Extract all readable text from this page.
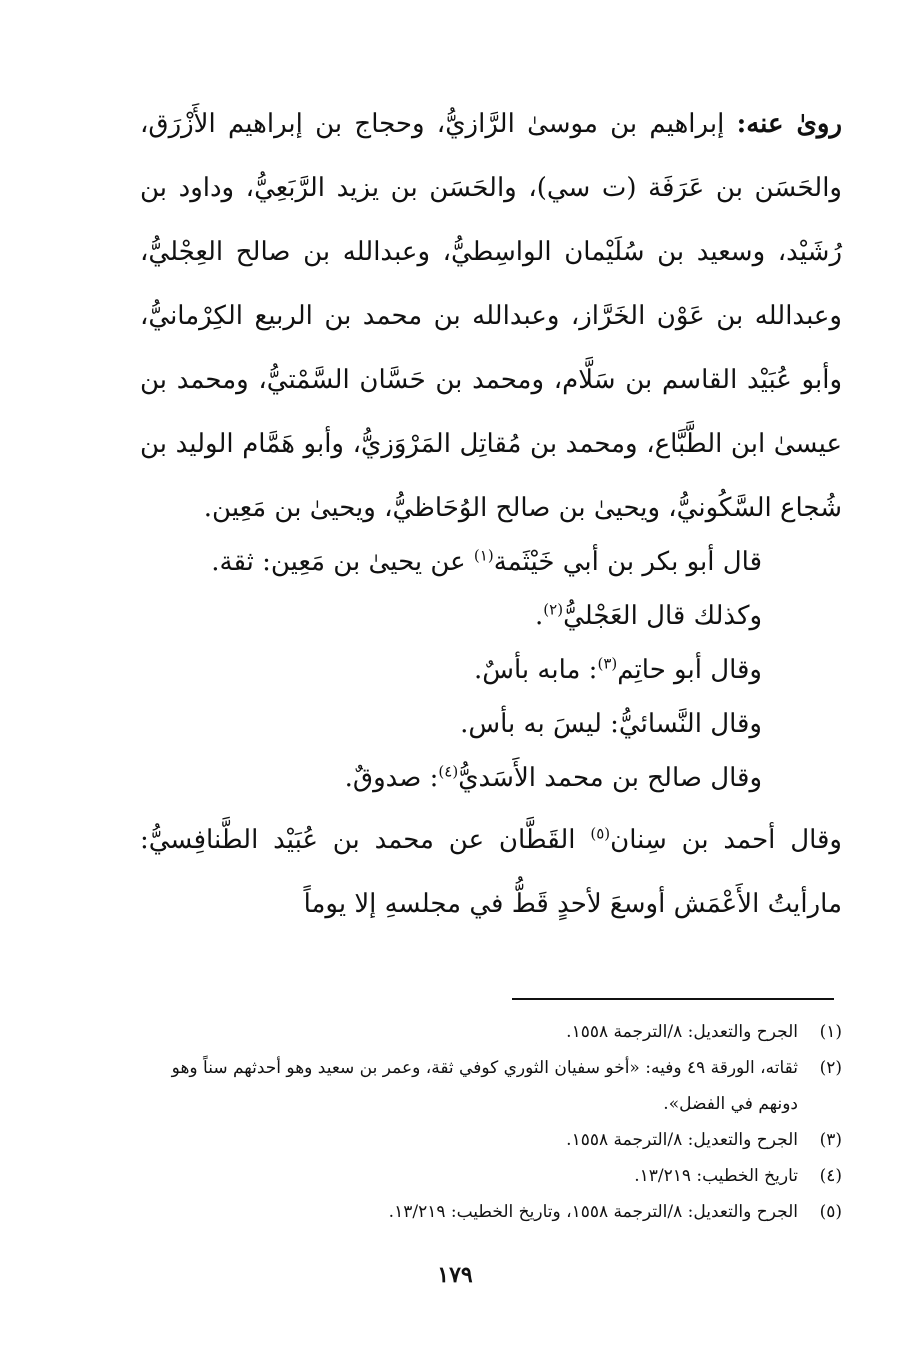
روىٰ عنه: إبراهيم بن موسىٰ الرَّازيُّ، وحجاج بن إبراهيم الأَزْرَق، والحَسَن بن عَرَفَة (ت سي)، والحَسَن بن يزيد الرَّبَعِيُّ، وداود بن رُشَيْد، وسعيد بن سُلَيْمان الواسِطيُّ، وعبدالله بن صالح العِجْليُّ، وعبدالله بن عَوْن الخَرَّاز، وعبدالله بن محمد بن الربيع الكِرْمانيُّ، وأبو عُبَيْد القاسم بن سَلَّام، ومحمد بن حَسَّان السَّمْتيُّ، ومحمد بن عيسىٰ ابن الطَّبَّاع، ومحمد بن مُقاتِل المَرْوَزيُّ، وأبو هَمَّام الوليد بن شُجاع السَّكُونيُّ، ويحيىٰ بن صالح الوُحَاظيُّ، ويحيىٰ بن مَعِين.

قال أبو بكر بن أبي خَيْثَمة$^{(١)}$ عن يحيىٰ بن مَعِين: ثقة.
وكذلك قال العَجْليُّ$^{(٢)}$.
وقال أبو حاتِم$^{(٣)}$: مابه بأسٌ.
وقال النَّسائيُّ: ليسَ به بأس.
وقال صالح بن محمد الأَسَديُّ$^{(٤)}$: صدوقٌ.

وقال أحمد بن سِنان$^{(٥)}$ القَطَّان عن محمد بن عُبَيْد الطَّنافِسيُّ: مارأيتُ الأَعْمَش أوسعَ لأحدٍ قَطُّ في مجلسهِ إلا يوماً

(١)
الجرح والتعديل: ٨/الترجمة ١٥٥٨.
(٢)
ثقاته، الورقة ٤٩ وفيه: «أخو سفيان الثوري كوفي ثقة، وعمر بن سعيد وهو أحدثهم سناً وهو دونهم في الفضل».
(٣)
الجرح والتعديل: ٨/الترجمة ١٥٥٨.
(٤)
تاريخ الخطيب: ١٣/٢١٩.
(٥)
الجرح والتعديل: ٨/الترجمة ١٥٥٨، وتاريخ الخطيب: ١٣/٢١٩.
١٧٩
